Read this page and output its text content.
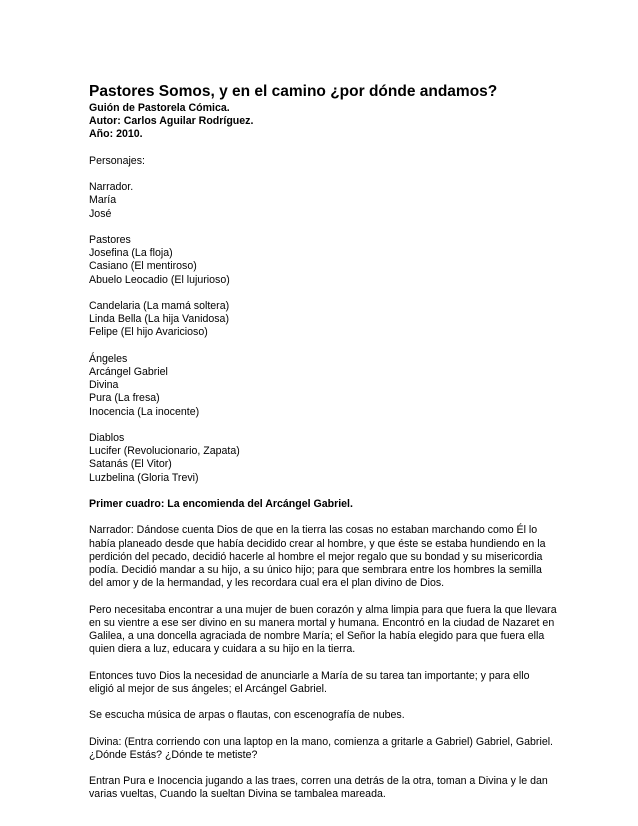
Pastores Somos, y en el camino ¿por dónde andamos?

Guión de Pastorela Cómica.

Autor: Carlos Aguilar Rodríguez.

Año: 2010.

Personajes:

Narrador.
María
José
Pastores
Josefina (La floja)
Casiano (El mentiroso)
Abuelo Leocadio (El lujurioso)
Candelaria (La mamá soltera)
Linda Bella (La hija Vanidosa)
Felipe (El hijo Avaricioso)
Ángeles
Arcángel Gabriel
Divina
Pura (La fresa)
Inocencia (La inocente)
Diablos
Lucifer (Revolucionario, Zapata)
Satanás (El Vitor)
Luzbelina (Gloria Trevi)

Primer cuadro: La encomienda del Arcángel Gabriel.

Narrador: Dándose cuenta Dios de que en la tierra las cosas no estaban marchando como Él lo
había planeado desde que había decidido crear al hombre, y que éste se estaba hundiendo en la
perdición del pecado, decidió hacerle al hombre el mejor regalo que su bondad y su misericordia
podía. Decidió mandar a su hijo, a su único hijo; para que sembrara entre los hombres la semilla
del amor y de la hermandad, y les recordara cual era el plan divino de Dios.
Pero necesitaba encontrar a una mujer de buen corazón y alma limpia para que fuera la que llevara
en su vientre a ese ser divino en su manera mortal y humana. Encontró en la ciudad de Nazaret en
Galilea, a una doncella agraciada de nombre María; el Señor la había elegido para que fuera ella
quien diera a luz, educara y cuidara a su hijo en la tierra.
Entonces tuvo Dios la necesidad de anunciarle a María de su tarea tan importante; y para ello
eligió al mejor de sus ángeles; el Arcángel Gabriel.
Se escucha música de arpas o flautas, con escenografía de nubes.
Divina: (Entra corriendo con una laptop en la mano, comienza a gritarle a Gabriel) Gabriel, Gabriel.
¿Dónde Estás? ¿Dónde te metiste?
Entran Pura e Inocencia jugando a las traes, corren una detrás de la otra, toman a Divina y le dan
varias vueltas, Cuando la sueltan Divina se tambalea mareada.
